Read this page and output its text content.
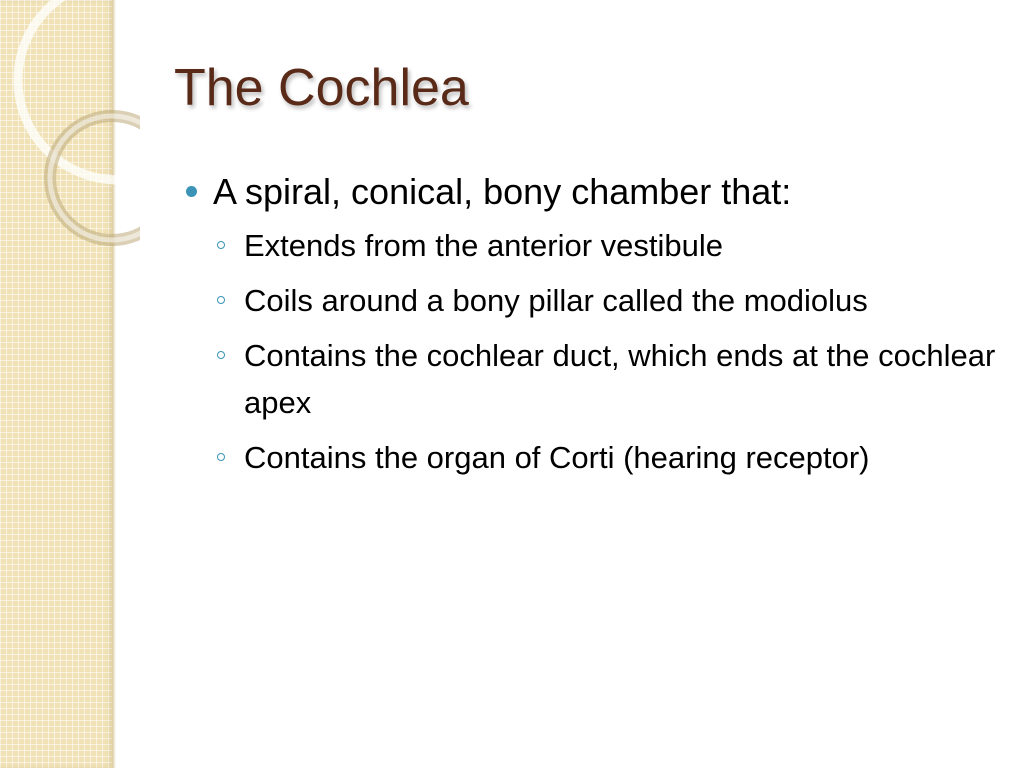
The Cochlea
A spiral, conical, bony chamber that:
Extends from the anterior vestibule
Coils around a bony pillar called the modiolus
Contains the cochlear duct, which ends at the cochlear apex
Contains the organ of Corti (hearing receptor)
